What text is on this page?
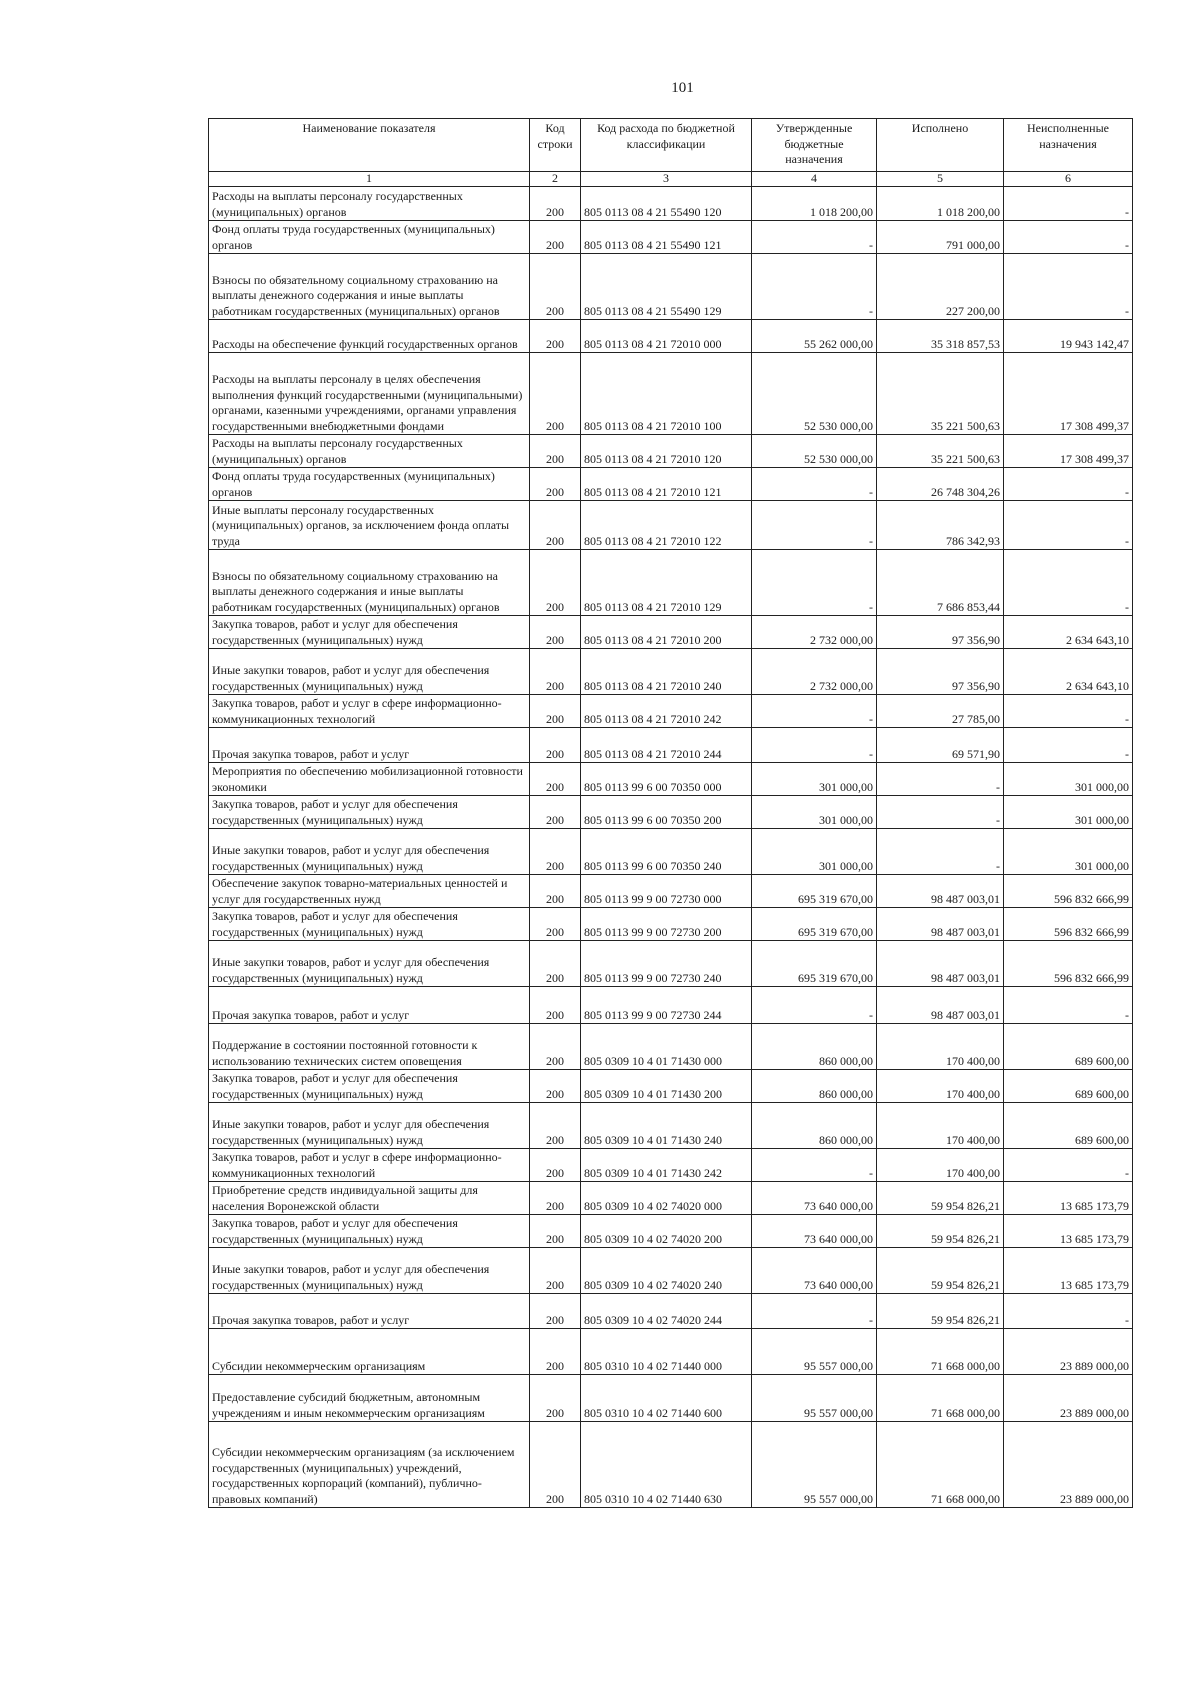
101
Наименование показателя	Код строки	Код расхода по бюджетной классификации	Утвержденные бюджетные назначения	Исполнено	Неисполненные назначения
1	2	3	4	5	6
Расходы на выплаты персоналу государственных (муниципальных) органов	200	805 0113 08 4 21 55490 120	1 018 200,00	1 018 200,00	-
Фонд оплаты труда государственных (муниципальных) органов	200	805 0113 08 4 21 55490 121	-	791 000,00	-
Взносы по обязательному социальному страхованию на выплаты денежного содержания и иные выплаты работникам государственных (муниципальных) органов	200	805 0113 08 4 21 55490 129	-	227 200,00	-
Расходы на обеспечение функций государственных органов	200	805 0113 08 4 21 72010 000	55 262 000,00	35 318 857,53	19 943 142,47
Расходы на выплаты персоналу в целях обеспечения выполнения функций государственными (муниципальными) органами, казенными учреждениями, органами управления государственными внебюджетными фондами	200	805 0113 08 4 21 72010 100	52 530 000,00	35 221 500,63	17 308 499,37
Расходы на выплаты персоналу государственных (муниципальных) органов	200	805 0113 08 4 21 72010 120	52 530 000,00	35 221 500,63	17 308 499,37
Фонд оплаты труда государственных (муниципальных) органов	200	805 0113 08 4 21 72010 121	-	26 748 304,26	-
Иные выплаты персоналу государственных (муниципальных) органов, за исключением фонда оплаты труда	200	805 0113 08 4 21 72010 122	-	786 342,93	-
Взносы по обязательному социальному страхованию на выплаты денежного содержания и иные выплаты работникам государственных (муниципальных) органов	200	805 0113 08 4 21 72010 129	-	7 686 853,44	-
Закупка товаров, работ и услуг для обеспечения государственных (муниципальных) нужд	200	805 0113 08 4 21 72010 200	2 732 000,00	97 356,90	2 634 643,10
Иные закупки товаров, работ и услуг для обеспечения государственных (муниципальных) нужд	200	805 0113 08 4 21 72010 240	2 732 000,00	97 356,90	2 634 643,10
Закупка товаров, работ и услуг в сфере информационно-коммуникационных технологий	200	805 0113 08 4 21 72010 242	-	27 785,00	-
Прочая закупка товаров, работ и услуг	200	805 0113 08 4 21 72010 244	-	69 571,90	-
Мероприятия по обеспечению мобилизационной готовности экономики	200	805 0113 99 6 00 70350 000	301 000,00	-	301 000,00
Закупка товаров, работ и услуг для обеспечения государственных (муниципальных) нужд	200	805 0113 99 6 00 70350 200	301 000,00	-	301 000,00
Иные закупки товаров, работ и услуг для обеспечения государственных (муниципальных) нужд	200	805 0113 99 6 00 70350 240	301 000,00	-	301 000,00
Обеспечение закупок товарно-материальных ценностей и услуг для государственных нужд	200	805 0113 99 9 00 72730 000	695 319 670,00	98 487 003,01	596 832 666,99
Закупка товаров, работ и услуг для обеспечения государственных (муниципальных) нужд	200	805 0113 99 9 00 72730 200	695 319 670,00	98 487 003,01	596 832 666,99
Иные закупки товаров, работ и услуг для обеспечения государственных (муниципальных) нужд	200	805 0113 99 9 00 72730 240	695 319 670,00	98 487 003,01	596 832 666,99
Прочая закупка товаров, работ и услуг	200	805 0113 99 9 00 72730 244	-	98 487 003,01	-
Поддержание в состоянии постоянной готовности к использованию технических систем оповещения	200	805 0309 10 4 01 71430 000	860 000,00	170 400,00	689 600,00
Закупка товаров, работ и услуг для обеспечения государственных (муниципальных) нужд	200	805 0309 10 4 01 71430 200	860 000,00	170 400,00	689 600,00
Иные закупки товаров, работ и услуг для обеспечения государственных (муниципальных) нужд	200	805 0309 10 4 01 71430 240	860 000,00	170 400,00	689 600,00
Закупка товаров, работ и услуг в сфере информационно-коммуникационных технологий	200	805 0309 10 4 01 71430 242	-	170 400,00	-
Приобретение средств индивидуальной защиты для населения Воронежской области	200	805 0309 10 4 02 74020 000	73 640 000,00	59 954 826,21	13 685 173,79
Закупка товаров, работ и услуг для обеспечения государственных (муниципальных) нужд	200	805 0309 10 4 02 74020 200	73 640 000,00	59 954 826,21	13 685 173,79
Иные закупки товаров, работ и услуг для обеспечения государственных (муниципальных) нужд	200	805 0309 10 4 02 74020 240	73 640 000,00	59 954 826,21	13 685 173,79
Прочая закупка товаров, работ и услуг	200	805 0309 10 4 02 74020 244	-	59 954 826,21	-
Субсидии некоммерческим организациям	200	805 0310 10 4 02 71440 000	95 557 000,00	71 668 000,00	23 889 000,00
Предоставление субсидий бюджетным, автономным учреждениям и иным некоммерческим организациям	200	805 0310 10 4 02 71440 600	95 557 000,00	71 668 000,00	23 889 000,00
Субсидии некоммерческим организациям (за исключением государственных (муниципальных) учреждений, государственных корпораций (компаний), публично-правовых компаний)	200	805 0310 10 4 02 71440 630	95 557 000,00	71 668 000,00	23 889 000,00
